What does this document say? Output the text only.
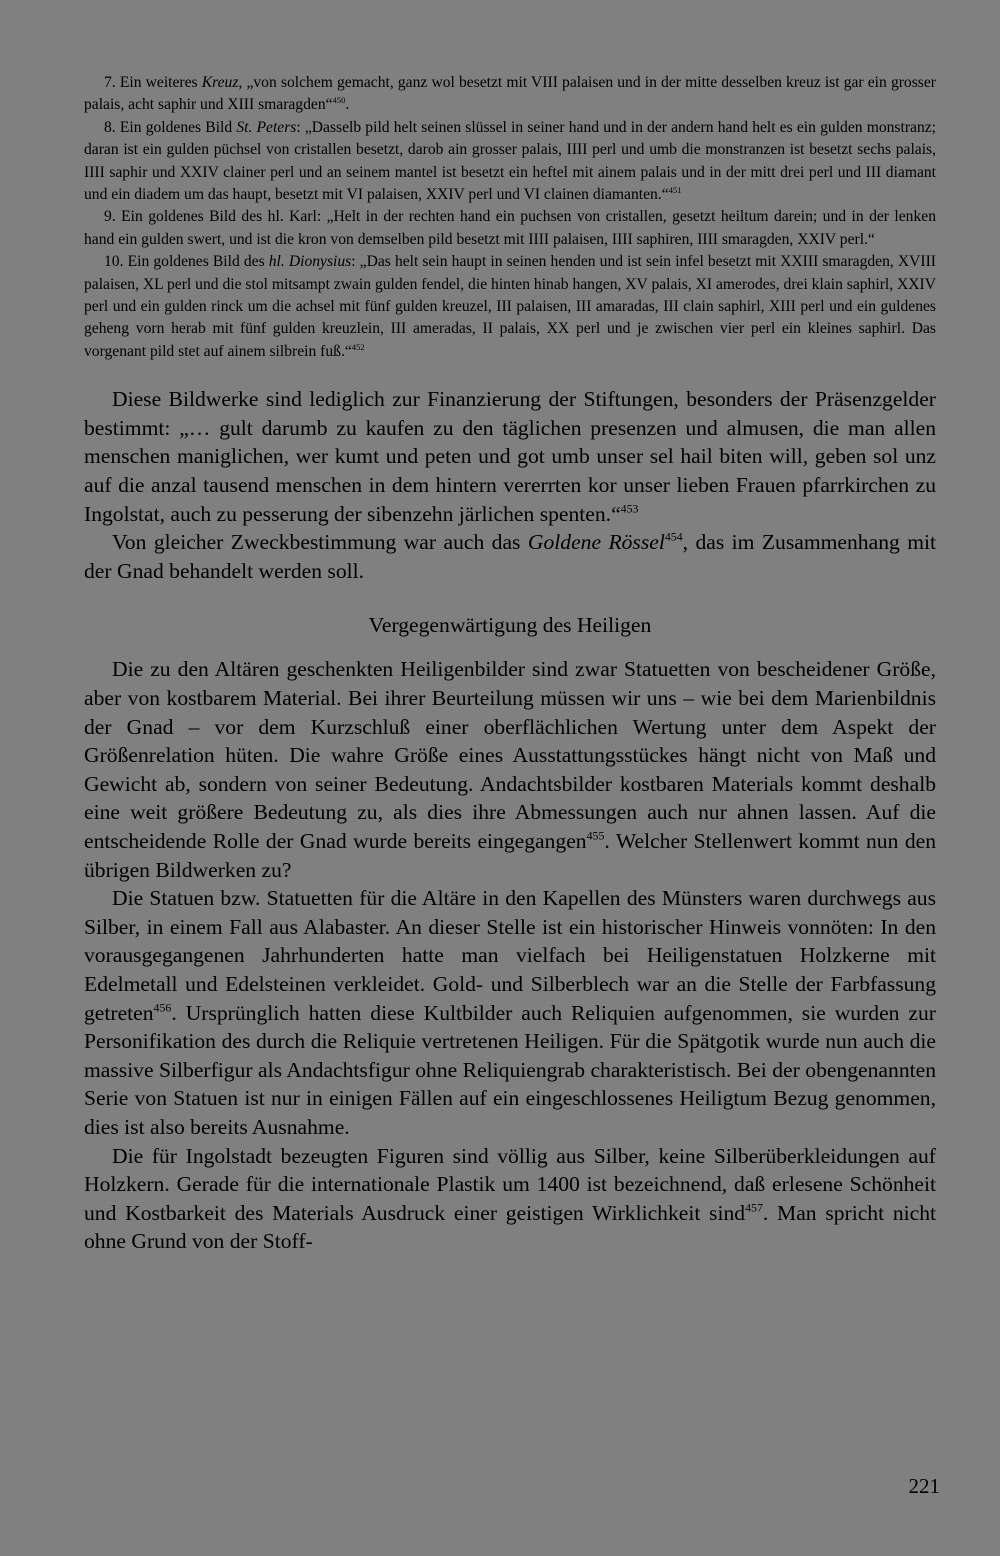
7. Ein weiteres Kreuz, „von solchem gemacht, ganz wol besetzt mit VIII palaisen und in der mitte desselben kreuz ist gar ein grosser palais, acht saphir und XIII smaragden“$^{450}$.

8. Ein goldenes Bild St. Peters: „Dasselb pild helt seinen slüssel in seiner hand und in der andern hand helt es ein gulden monstranz; daran ist ein gulden püchsel von cristallen besetzt, darob ain grosser palais, IIII perl und umb die monstranzen ist besetzt sechs palais, IIII saphir und XXIV clainer perl und an seinem mantel ist besetzt ein heftel mit ainem palais und in der mitt drei perl und III diamant und ein diadem um das haupt, besetzt mit VI palaisen, XXIV perl und VI clainen diamanten.“$^{451}$

9. Ein goldenes Bild des hl. Karl: „Helt in der rechten hand ein puchsen von cristallen, gesetzt heiltum darein; und in der lenken hand ein gulden swert, und ist die kron von demselben pild besetzt mit IIII palaisen, IIII saphiren, IIII smaragden, XXIV perl.“

10. Ein goldenes Bild des hl. Dionysius: „Das helt sein haupt in seinen henden und ist sein infel besetzt mit XXIII smaragden, XVIII palaisen, XL perl und die stol mitsampt zwain gulden fendel, die hinten hinab hangen, XV palais, XI amerodes, drei klain saphirl, XXIV perl und ein gulden rinck um die achsel mit fünf gulden kreuzel, III palaisen, III amaradas, III clain saphirl, XIII perl und ein guldenes geheng vorn herab mit fünf gulden kreuzlein, III ameradas, II palais, XX perl und je zwischen vier perl ein kleines saphirl. Das vorgenant pild stet auf ainem silbrein fuß.“$^{452}$

Diese Bildwerke sind lediglich zur Finanzierung der Stiftungen, besonders der Präsenzgelder bestimmt: „… gult darumb zu kaufen zu den täglichen presenzen und almusen, die man allen menschen maniglichen, wer kumt und peten und got umb unser sel hail biten will, geben sol unz auf die anzal tausend menschen in dem hintern vererrten kor unser lieben Frauen pfarrkirchen zu Ingolstat, auch zu pesserung der sibenzehn järlichen spenten.“$^{453}$

Von gleicher Zweckbestimmung war auch das Goldene Rössel$^{454}$, das im Zusammenhang mit der Gnad behandelt werden soll.

Vergegenwärtigung des Heiligen

Die zu den Altären geschenkten Heiligenbilder sind zwar Statuetten von bescheidener Größe, aber von kostbarem Material. Bei ihrer Beurteilung müssen wir uns – wie bei dem Marienbildnis der Gnad – vor dem Kurzschluß einer oberflächlichen Wertung unter dem Aspekt der Größenrelation hüten. Die wahre Größe eines Ausstattungsstückes hängt nicht von Maß und Gewicht ab, sondern von seiner Bedeutung. Andachtsbilder kostbaren Materials kommt deshalb eine weit größere Bedeutung zu, als dies ihre Abmessungen auch nur ahnen lassen. Auf die entscheidende Rolle der Gnad wurde bereits eingegangen$^{455}$. Welcher Stellenwert kommt nun den übrigen Bildwerken zu?

Die Statuen bzw. Statuetten für die Altäre in den Kapellen des Münsters waren durchwegs aus Silber, in einem Fall aus Alabaster. An dieser Stelle ist ein historischer Hinweis vonnöten: In den vorausgegangenen Jahrhunderten hatte man vielfach bei Heiligenstatuen Holzkerne mit Edelmetall und Edelsteinen verkleidet. Gold- und Silberblech war an die Stelle der Farbfassung getreten$^{456}$. Ursprünglich hatten diese Kultbilder auch Reliquien aufgenommen, sie wurden zur Personifikation des durch die Reliquie vertretenen Heiligen. Für die Spätgotik wurde nun auch die massive Silberfigur als Andachtsfigur ohne Reliquiengrab charakteristisch. Bei der obengenannten Serie von Statuen ist nur in einigen Fällen auf ein eingeschlossenes Heiligtum Bezug genommen, dies ist also bereits Ausnahme.

Die für Ingolstadt bezeugten Figuren sind völlig aus Silber, keine Silberüberkleidungen auf Holzkern. Gerade für die internationale Plastik um 1400 ist bezeichnend, daß erlesene Schönheit und Kostbarkeit des Materials Ausdruck einer geistigen Wirklichkeit sind$^{457}$. Man spricht nicht ohne Grund von der Stoff-

221
